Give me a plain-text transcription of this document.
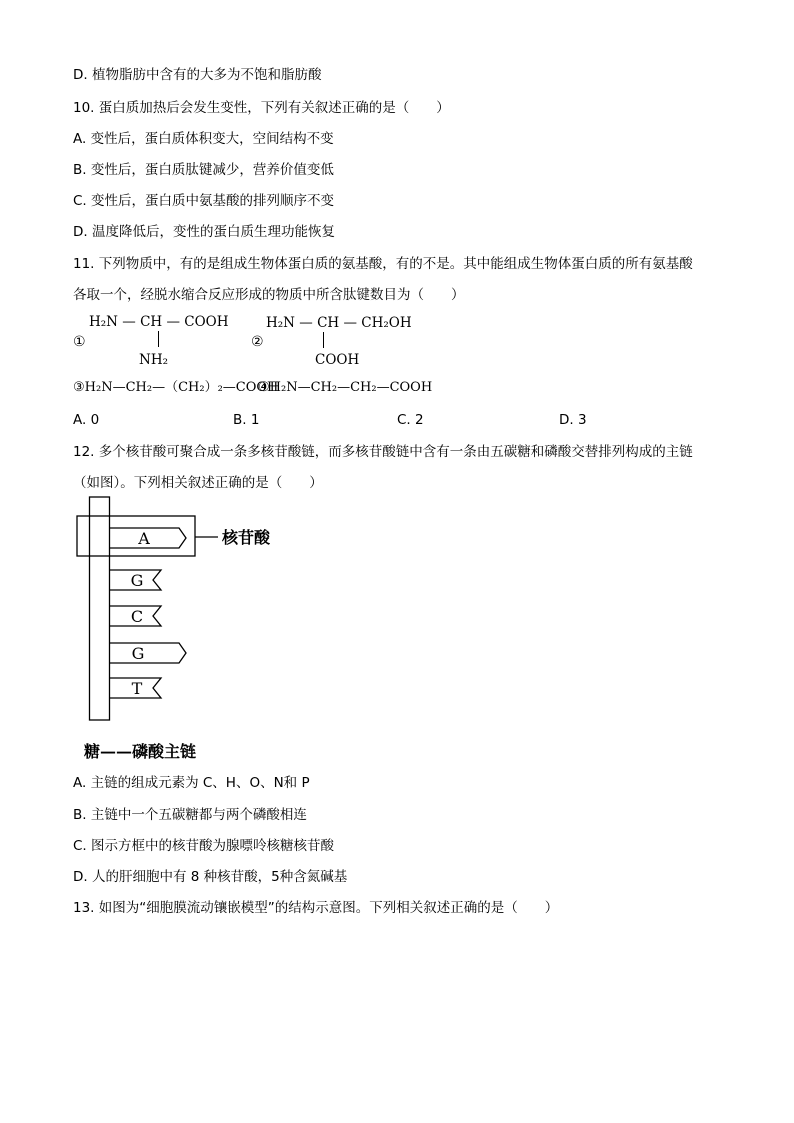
D. 植物脂肪中含有的大多为不饱和脂肪酸
10. 蛋白质加热后会发生变性，下列有关叙述正确的是（　　）
A. 变性后，蛋白质体积变大，空间结构不变
B. 变性后，蛋白质肽键减少，营养价值变低
C. 变性后，蛋白质中氨基酸的排列顺序不变
D. 温度降低后，变性的蛋白质生理功能恢复
11. 下列物质中，有的是组成生物体蛋白质的氨基酸，有的不是。其中能组成生物体蛋白质的所有氨基酸
各取一个，经脱水缩合反应形成的物质中所含肽键数目为（　　）
H₂N — CH — COOH
①
NH₂
H₂N — CH — CH₂OH
②
COOH
③H₂N—CH₂—（CH₂）₂—COOH
④H₂N—CH₂—CH₂—COOH
A. 0	B. 1	C. 2	D. 3
12. 多个核苷酸可聚合成一条多核苷酸链，而多核苷酸链中含有一条由五碳糖和磷酸交替排列构成的主链
（如图）。下列相关叙述正确的是（　　）
A
G
C
G
T
核苷酸
糖——磷酸主链
A. 主链的组成元素为 C、H、O、N和 P
B. 主链中一个五碳糖都与两个磷酸相连
C. 图示方框中的核苷酸为腺嘌呤核糖核苷酸
D. 人的肝细胞中有 8 种核苷酸，5种含氮碱基
13. 如图为“细胞膜流动镶嵌模型”的结构示意图。下列相关叙述正确的是（　　）
